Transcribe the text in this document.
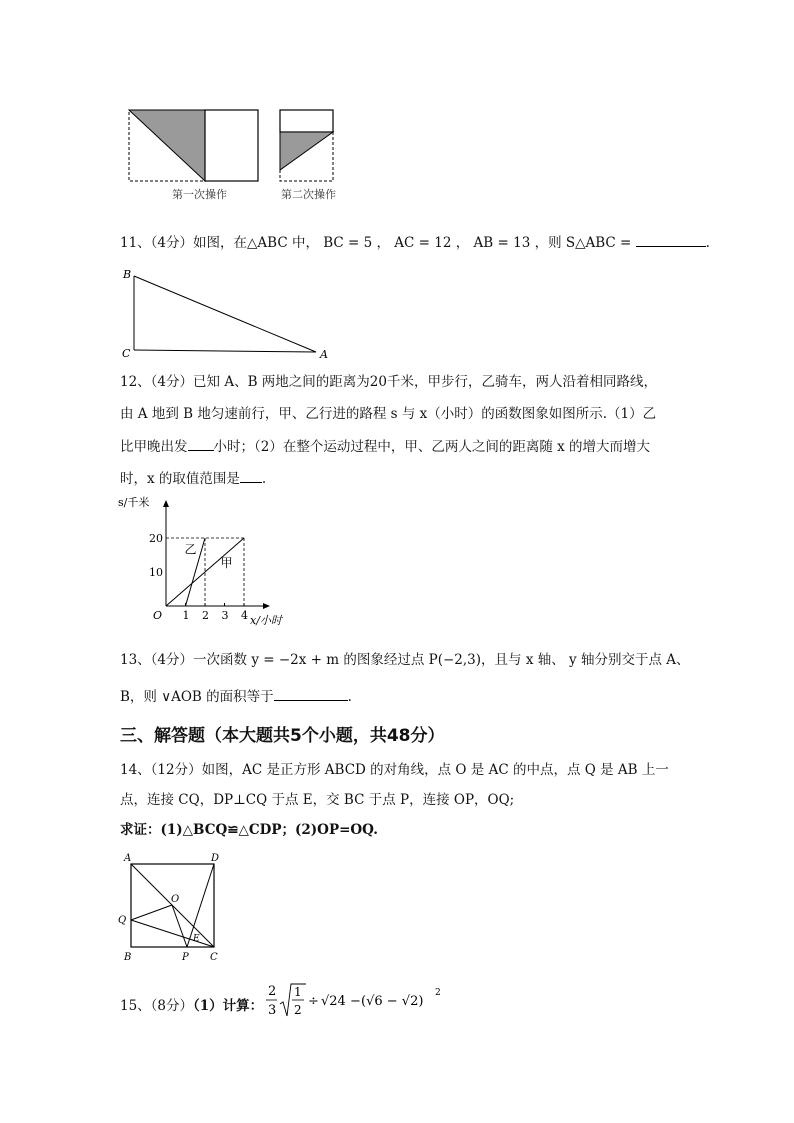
第一次操作	第二次操作
11、（4分）如图，在△ABC 中， BC = 5 ， AC = 12 ， AB = 13 ，则 S△ABC =	.
B
C	A
12、（4分）已知 A、B 两地之间的距离为20千米，甲步行，乙骑车，两人沿着相同路线，
由 A 地到 B 地匀速前行，甲、乙行进的路程 s 与 x（小时）的函数图象如图所示.（1）乙
比甲晚出发 小时；（2）在整个运动过程中，甲、乙两人之间的距离随 x 的增大而增大
时，x 的取值范围是 .
甲
乙
1 2 3 4
10
20
O
s/千米
x/小时
13、（4分）一次函数 y = −2x + m 的图象经过点 P(−2,3)，且与 x 轴、 y 轴分别交于点 A、
B，则 ∨AOB 的面积等于	.
三、解答题（本大题共5个小题，共48分）
14、（12分）如图，AC 是正方形 ABCD 的对角线，点 O 是 AC 的中点，点 Q 是 AB 上一
点，连接 CQ，DP⊥CQ 于点 E，交 BC 于点 P，连接 OP，OQ;
求证：(1)△BCQ≌△CDP；(2)OP=OQ.
A	D
O
Q
E
B	P C
15、（8分）（1）计算：
2
3
1
2
÷ √24 − (√6 − √2)
2
